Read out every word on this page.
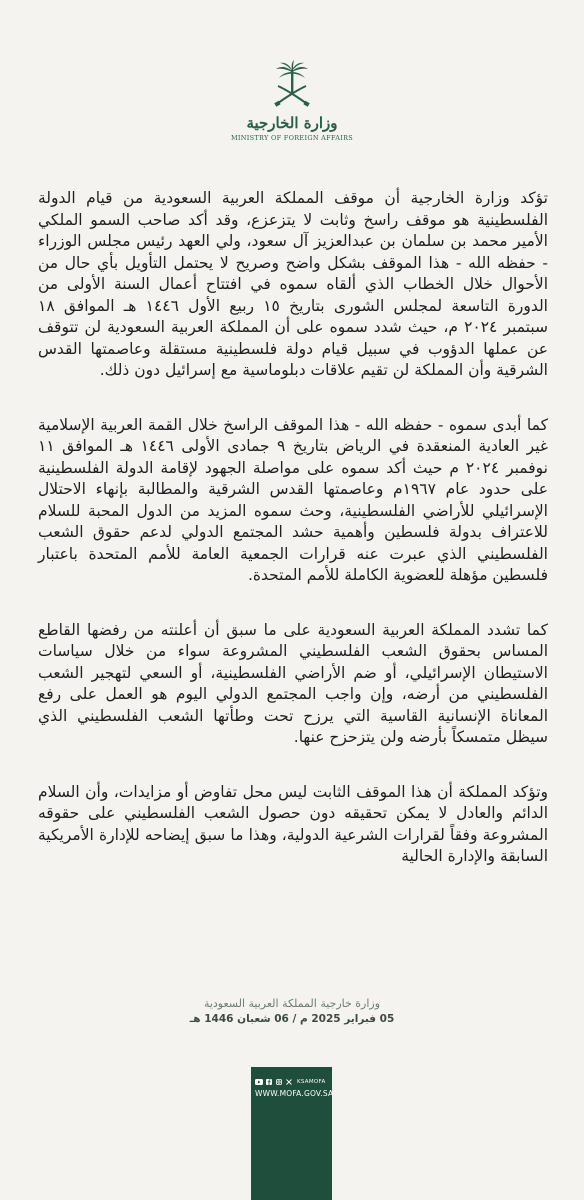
وزارة الخارجية
MINISTRY OF FOREIGN AFFAIRS

تؤكد وزارة الخارجية أن موقف المملكة العربية السعودية من قيام الدولة الفلسطينية هو موقف راسخ وثابت لا يتزعزع، وقد أكد صاحب السمو الملكي الأمير محمد بن سلمان بن عبدالعزيز آل سعود، ولي العهد رئيس مجلس الوزراء - حفظه الله - هذا الموقف بشكل واضح وصريح لا يحتمل التأويل بأي حال من الأحوال خلال الخطاب الذي ألقاه سموه في افتتاح أعمال السنة الأولى من الدورة التاسعة لمجلس الشورى بتاريخ ١٥ ربيع الأول ١٤٤٦ هـ الموافق ١٨ سبتمبر ٢٠٢٤ م، حيث شدد سموه على أن المملكة العربية السعودية لن تتوقف عن عملها الدؤوب في سبيل قيام دولة فلسطينية مستقلة وعاصمتها القدس الشرقية وأن المملكة لن تقيم علاقات دبلوماسية مع إسرائيل دون ذلك.

كما أبدى سموه - حفظه الله - هذا الموقف الراسخ خلال القمة العربية الإسلامية غير العادية المنعقدة في الرياض بتاريخ ٩ جمادى الأولى ١٤٤٦ هـ الموافق ١١ نوفمبر ٢٠٢٤ م حيث أكد سموه على مواصلة الجهود لإقامة الدولة الفلسطينية على حدود عام ١٩٦٧م وعاصمتها القدس الشرقية والمطالبة بإنهاء الاحتلال الإسرائيلي للأراضي الفلسطينية، وحث سموه المزيد من الدول المحبة للسلام للاعتراف بدولة فلسطين وأهمية حشد المجتمع الدولي لدعم حقوق الشعب الفلسطيني الذي عبرت عنه قرارات الجمعية العامة للأمم المتحدة باعتبار فلسطين مؤهلة للعضوية الكاملة للأمم المتحدة.

كما تشدد المملكة العربية السعودية على ما سبق أن أعلنته من رفضها القاطع المساس بحقوق الشعب الفلسطيني المشروعة سواء من خلال سياسات الاستيطان الإسرائيلي، أو ضم الأراضي الفلسطينية، أو السعي لتهجير الشعب الفلسطيني من أرضه، وإن واجب المجتمع الدولي اليوم هو العمل على رفع المعاناة الإنسانية القاسية التي يرزح تحت وطأتها الشعب الفلسطيني الذي سيظل متمسكاً بأرضه ولن يتزحزح عنها.

وتؤكد المملكة أن هذا الموقف الثابت ليس محل تفاوض أو مزايدات، وأن السلام الدائم والعادل لا يمكن تحقيقه دون حصول الشعب الفلسطيني على حقوقه المشروعة وفقاً لقرارات الشرعية الدولية، وهذا ما سبق إيضاحه للإدارة الأمريكية السابقة والإدارة الحالية

وزارة خارجية المملكة العربية السعودية
05 فبراير 2025 م / 06 شعبان 1446 هـ
KSAMOFA
WWW.MOFA.GOV.SA
